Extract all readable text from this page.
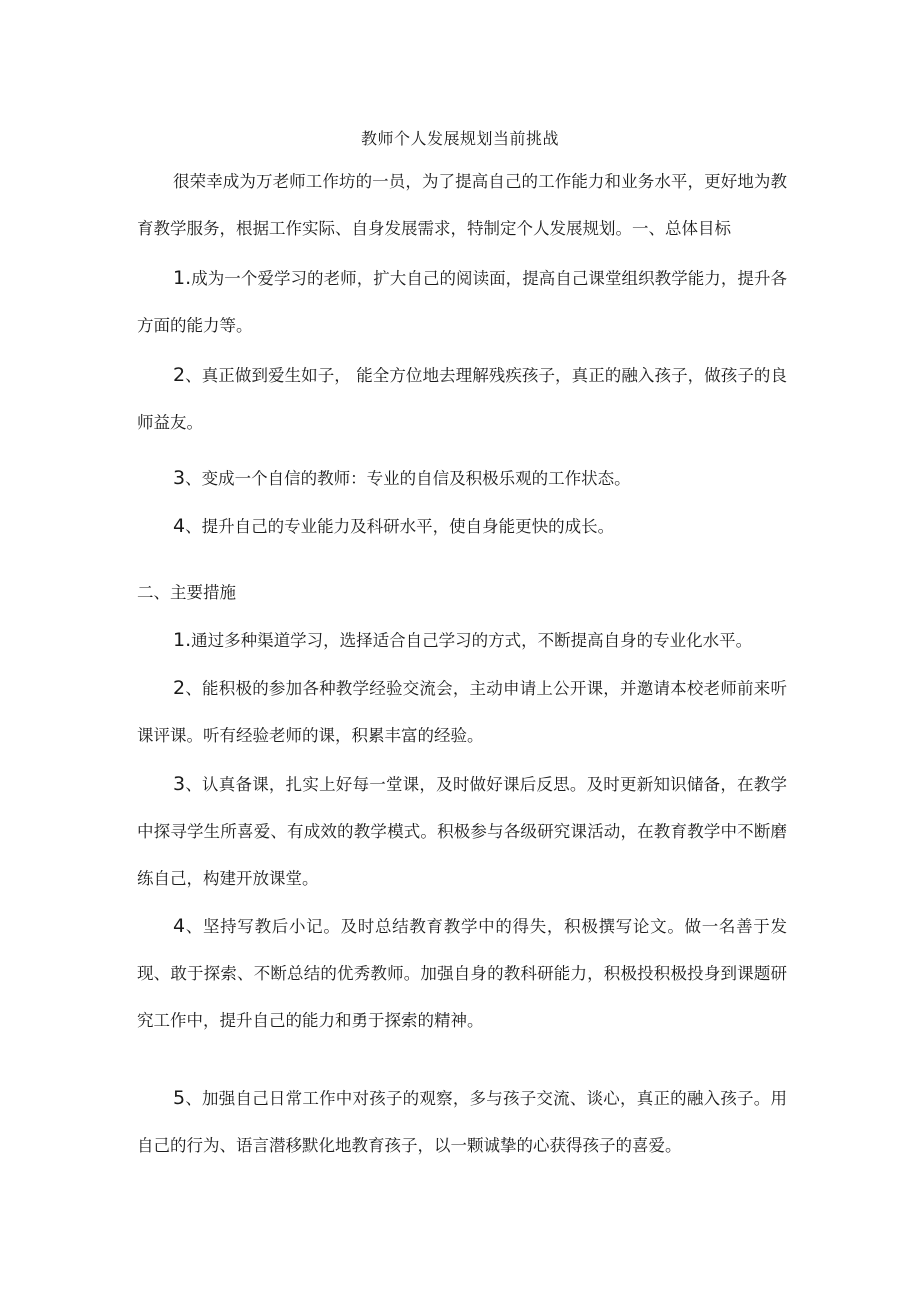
教师个人发展规划当前挑战

很荣幸成为万老师工作坊的一员，为了提高自己的工作能力和业务水平，更好地为教育教学服务，根据工作实际、自身发展需求，特制定个人发展规划。一、总体目标

1.成为一个爱学习的老师，扩大自己的阅读面，提高自己课堂组织教学能力，提升各方面的能力等。

2、真正做到爱生如子， 能全方位地去理解残疾孩子，真正的融入孩子，做孩子的良师益友。

3、变成一个自信的教师：专业的自信及积极乐观的工作状态。

4、提升自己的专业能力及科研水平，使自身能更快的成长。

二、主要措施

1.通过多种渠道学习，选择适合自己学习的方式，不断提高自身的专业化水平。

2、能积极的参加各种教学经验交流会，主动申请上公开课，并邀请本校老师前来听课评课。听有经验老师的课，积累丰富的经验。

3、认真备课，扎实上好每一堂课，及时做好课后反思。及时更新知识储备，在教学中探寻学生所喜爱、有成效的教学模式。积极参与各级研究课活动，在教育教学中不断磨练自己，构建开放课堂。

4、坚持写教后小记。及时总结教育教学中的得失，积极撰写论文。做一名善于发现、敢于探索、不断总结的优秀教师。加强自身的教科研能力，积极投积极投身到课题研究工作中，提升自己的能力和勇于探索的精神。

5、加强自己日常工作中对孩子的观察，多与孩子交流、谈心，真正的融入孩子。用自己的行为、语言潜移默化地教育孩子，以一颗诚挚的心获得孩子的喜爱。
